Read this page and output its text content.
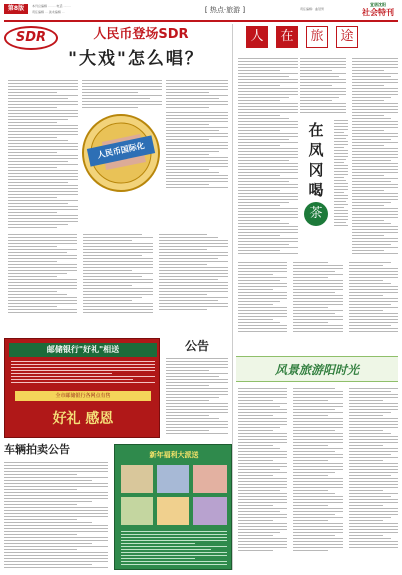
第8版	本刊总编辑 ········ 电话 ········
责任编辑 ··· 美术编辑 ···	[ 热点·旅游 ]	责任编辑：曲冠男
宜居沈阳
社会特刊
SDR	人民币登场SDR
"大戏"怎么唱？
人民币国际化
邮储银行"好礼"相送
全市邮储银行各网点有售
好礼 感恩
公告
车辆拍卖公告	新年福利大派送
人	在	旅	途
在
凤
冈
喝
茶
风景旅游阳时光
